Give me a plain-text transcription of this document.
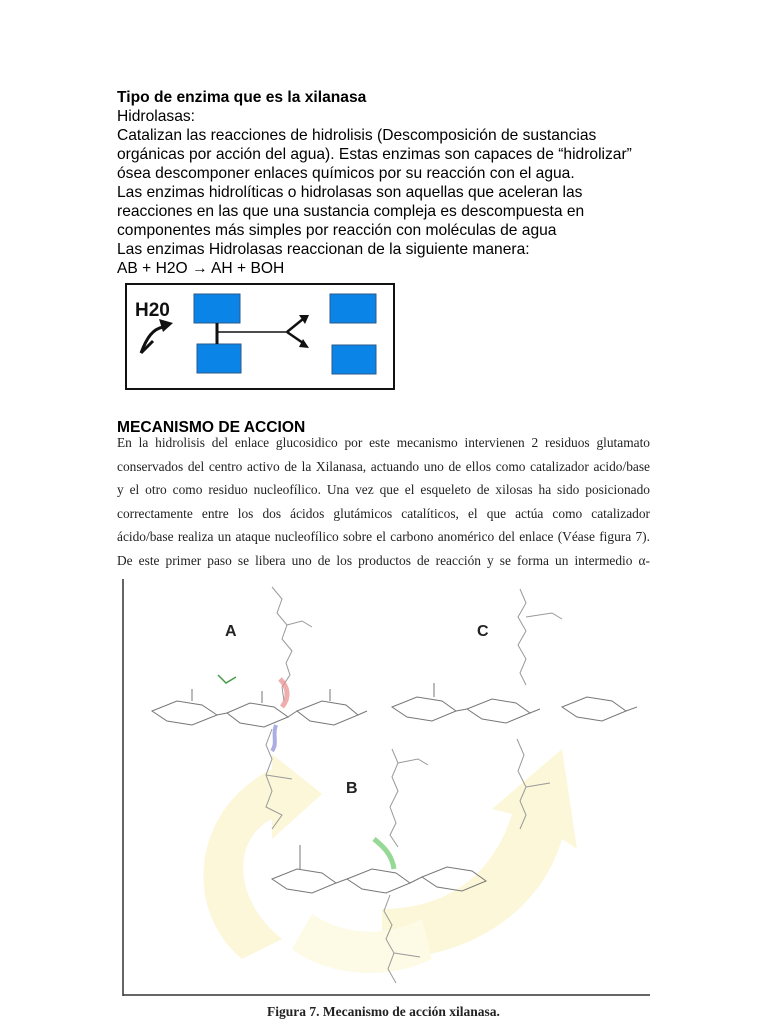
Tipo de enzima que es la xilanasa
Hidrolasas:
Catalizan las reacciones de hidrolisis (Descomposición de sustancias
orgánicas por acción del agua). Estas enzimas son capaces de “hidrolizar”
ósea descomponer enlaces químicos por su reacción con el agua.
Las enzimas hidrolíticas o hidrolasas son aquellas que aceleran las
reacciones en las que una sustancia compleja es descompuesta en
componentes más simples por reacción con moléculas de agua
Las enzimas Hidrolasas reaccionan de la siguiente manera:
AB + H2O → AH + BOH
H20
MECANISMO DE ACCION
En la hidrolisis del enlace glucosidico por este mecanismo intervienen 2 residuos glutamato
conservados del centro activo de la Xilanasa, actuando uno de ellos como catalizador acido/base
y el otro como residuo nucleofílico. Una vez que el esqueleto de xilosas ha sido posicionado
correctamente entre los dos ácidos glutámicos catalíticos, el que actúa como catalizador
ácido/base realiza un ataque nucleofílico sobre el carbono anomérico del enlace (Véase figura 7).
De este primer paso se libera uno de los productos de reacción y se forma un intermedio α-
A	C
B
Figura 7. Mecanismo de acción xilanasa.
